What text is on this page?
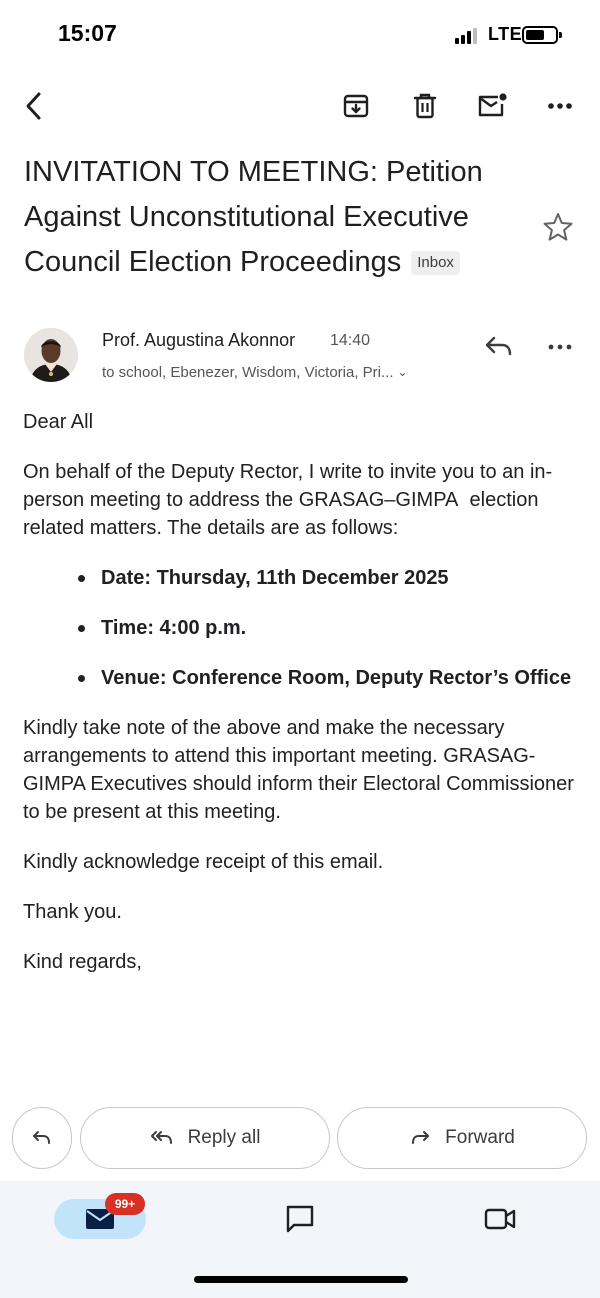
15:07	LTE
INVITATION TO MEETING: Petition Against Unconstitutional Executive Council Election Proceedings Inbox
Prof. Augustina Akonnor 14:40
to school, Ebenezer, Wisdom, Victoria, Pri... ⌄

Dear All

On behalf of the Deputy Rector, I write to invite you to an in-person meeting to address the GRASAG–GIMPA  election related matters. The details are as follows:

Date: Thursday, 11th December 2025
Time: 4:00 p.m.
Venue: Conference Room, Deputy Rector’s Office

Kindly take note of the above and make the necessary arrangements to attend this important meeting. GRASAG-GIMPA Executives should inform their Electoral Commissioner to be present at this meeting.

Kindly acknowledge receipt of this email.

Thank you.

Kind regards,

Reply all	Forward
99+
